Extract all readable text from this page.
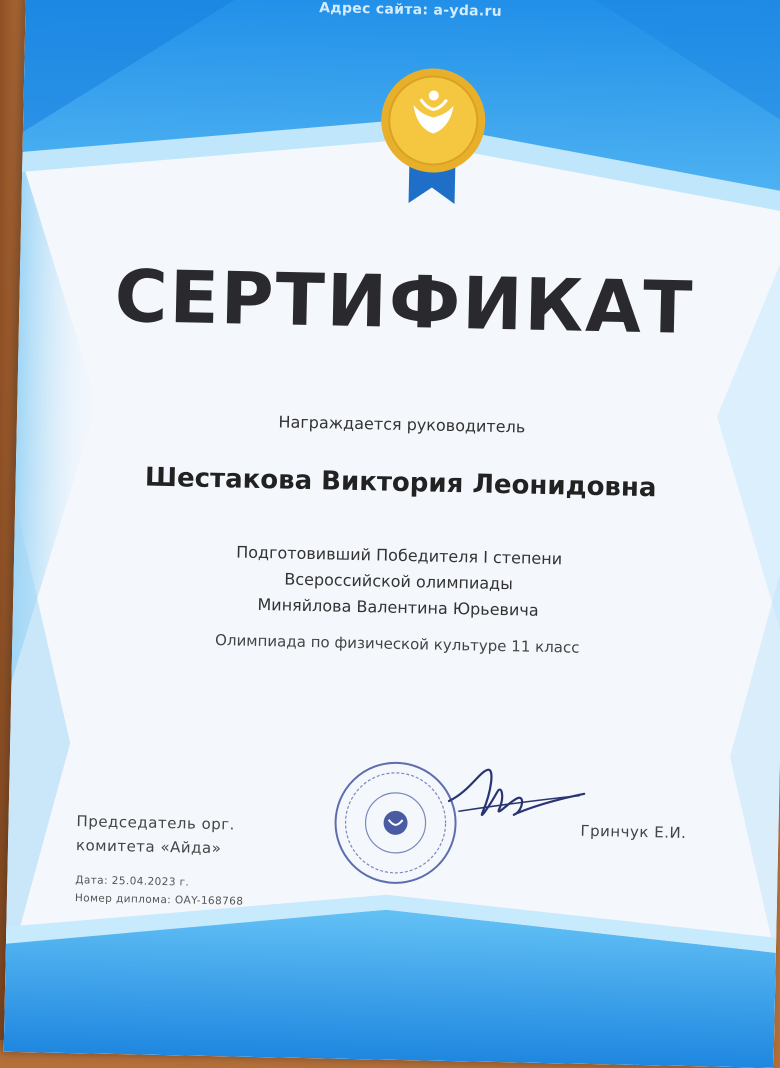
Адрес сайта: a-yda.ru
СЕРТИФИКАТ
Награждается руководитель
Шестакова Виктория Леонидовна
Подготовивший Победителя I степени
Всероссийской олимпиады
Миняйлова Валентина Юрьевича
Олимпиада по физической культуре 11 класс
Председатель орг.
комитета «Айда»
Дата: 25.04.2023 г.
Номер диплома: ОАY-168768
Гринчук Е.И.
